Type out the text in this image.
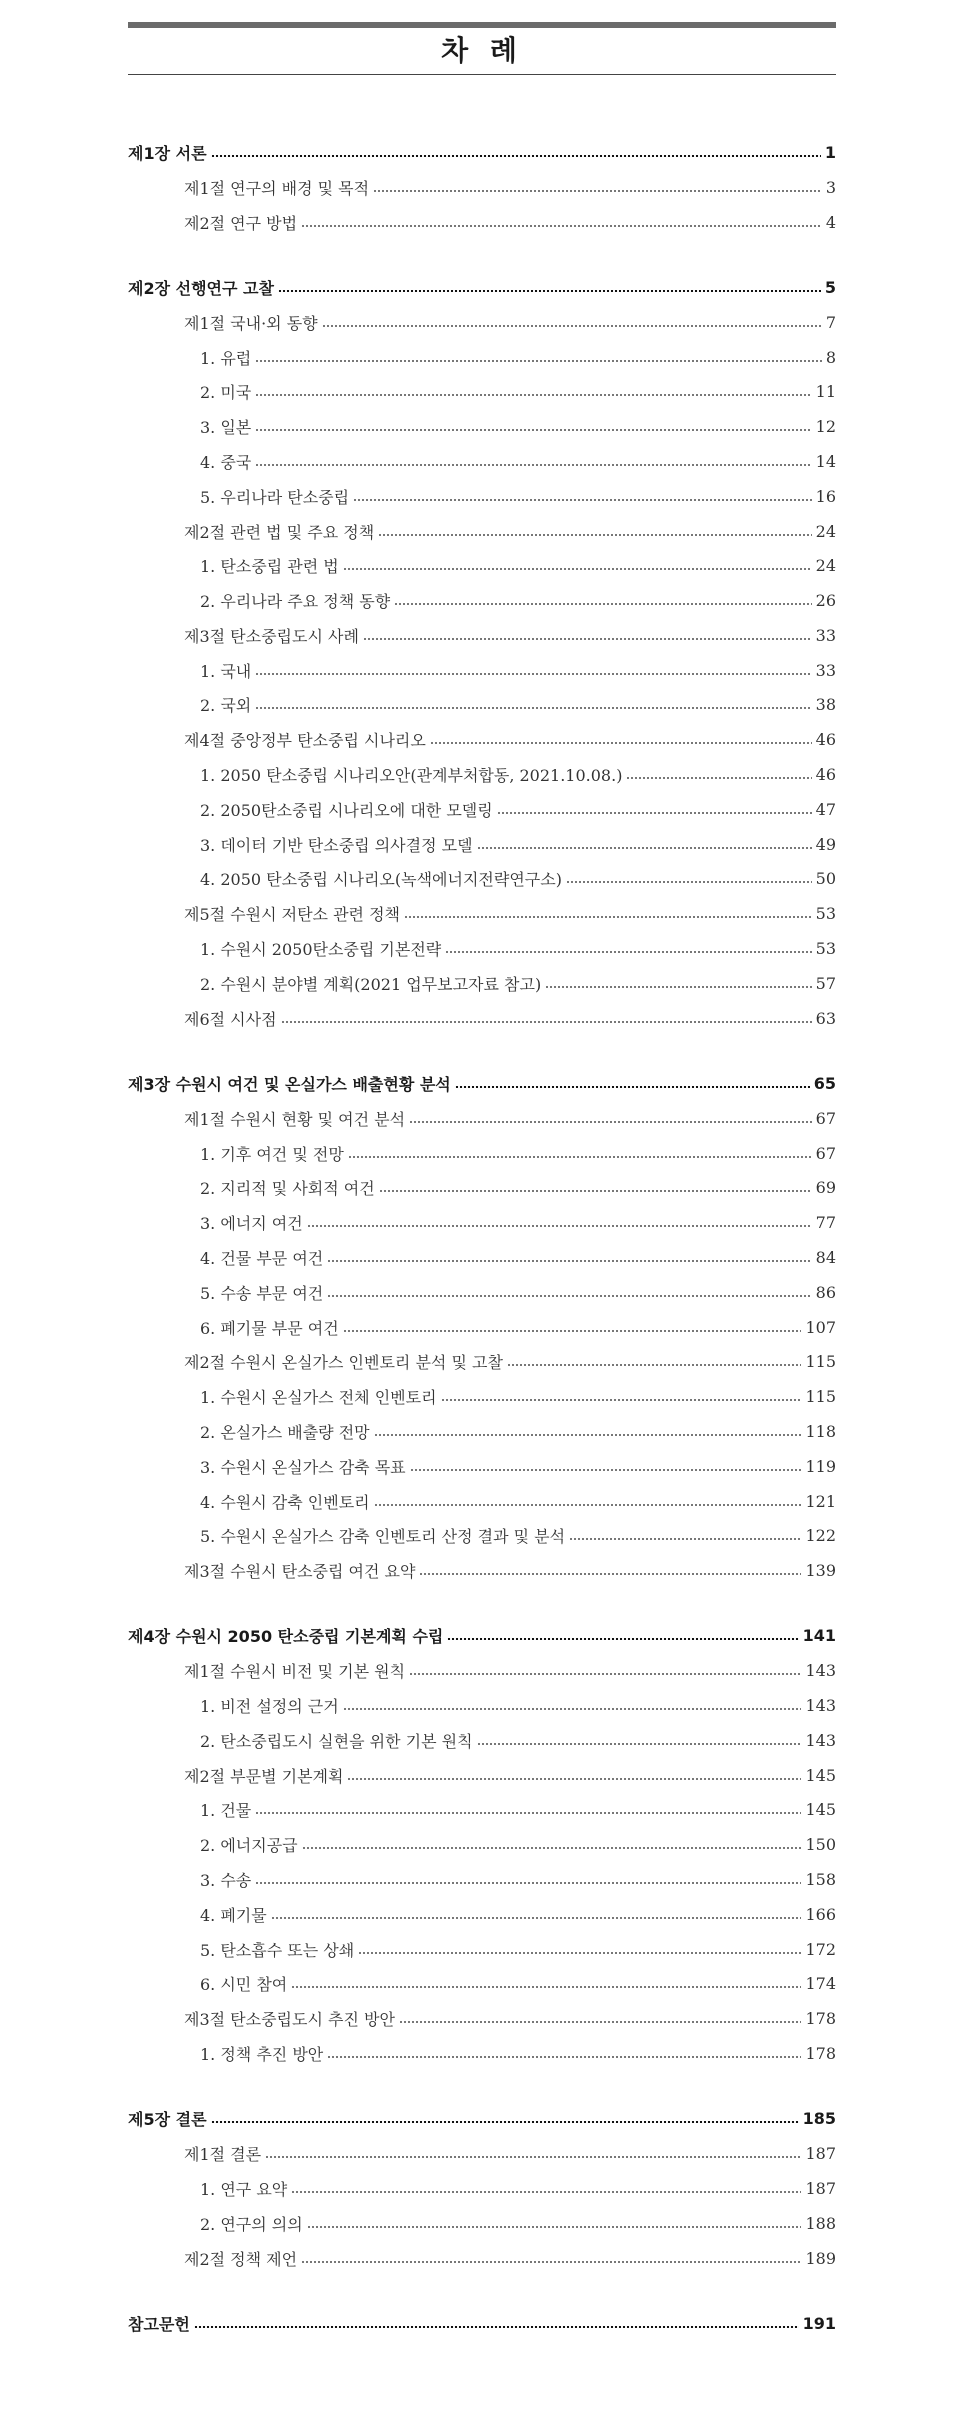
차 례
제1장 서론	1
제1절 연구의 배경 및 목적	3
제2절 연구 방법	4
제2장 선행연구 고찰	5
제1절 국내·외 동향	7
1. 유럽	8
2. 미국	11
3. 일본	12
4. 중국	14
5. 우리나라 탄소중립	16
제2절 관련 법 및 주요 정책	24
1. 탄소중립 관련 법	24
2. 우리나라 주요 정책 동향	26
제3절 탄소중립도시 사례	33
1. 국내	33
2. 국외	38
제4절 중앙정부 탄소중립 시나리오	46
1. 2050 탄소중립 시나리오안(관계부처합동, 2021.10.08.)	46
2. 2050탄소중립 시나리오에 대한 모델링	47
3. 데이터 기반 탄소중립 의사결정 모델	49
4. 2050 탄소중립 시나리오(녹색에너지전략연구소)	50
제5절 수원시 저탄소 관련 정책	53
1. 수원시 2050탄소중립 기본전략	53
2. 수원시 분야별 계획(2021 업무보고자료 참고)	57
제6절 시사점	63
제3장 수원시 여건 및 온실가스 배출현황 분석	65
제1절 수원시 현황 및 여건 분석	67
1. 기후 여건 및 전망	67
2. 지리적 및 사회적 여건	69
3. 에너지 여건	77
4. 건물 부문 여건	84
5. 수송 부문 여건	86
6. 폐기물 부문 여건	107
제2절 수원시 온실가스 인벤토리 분석 및 고찰	115
1. 수원시 온실가스 전체 인벤토리	115
2. 온실가스 배출량 전망	118
3. 수원시 온실가스 감축 목표	119
4. 수원시 감축 인벤토리	121
5. 수원시 온실가스 감축 인벤토리 산정 결과 및 분석	122
제3절 수원시 탄소중립 여건 요약	139
제4장 수원시 2050 탄소중립 기본계획 수립	141
제1절 수원시 비전 및 기본 원칙	143
1. 비전 설정의 근거	143
2. 탄소중립도시 실현을 위한 기본 원칙	143
제2절 부문별 기본계획	145
1. 건물	145
2. 에너지공급	150
3. 수송	158
4. 폐기물	166
5. 탄소흡수 또는 상쇄	172
6. 시민 참여	174
제3절 탄소중립도시 추진 방안	178
1. 정책 추진 방안	178
제5장 결론	185
제1절 결론	187
1. 연구 요약	187
2. 연구의 의의	188
제2절 정책 제언	189
참고문헌	191
